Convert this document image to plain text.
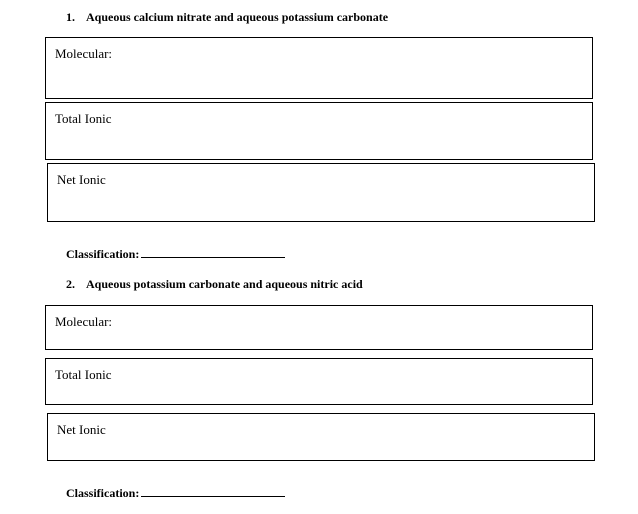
1. Aqueous calcium nitrate and aqueous potassium carbonate
Molecular:
Total Ionic
Net Ionic
Classification:
2. Aqueous potassium carbonate and aqueous nitric acid
Molecular:
Total Ionic
Net Ionic
Classification:
